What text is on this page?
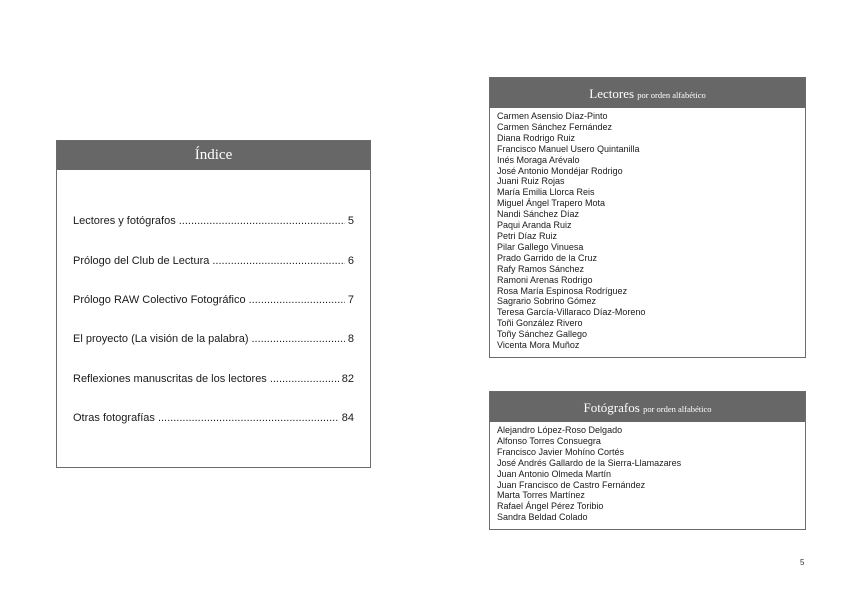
Índice
Lectores y fotógrafos .....	5
Prólogo del Club de Lectura .....	6
Prólogo RAW Colectivo Fotográfico .....	7
El proyecto (La visión de la palabra) .....	8
Reflexiones manuscritas de los lectores .....	82
Otras fotografías .....	84
Lectores por orden alfabético
Carmen Asensio Díaz-Pinto
Carmen Sánchez Fernández
Diana Rodrigo Ruiz
Francisco Manuel Usero Quintanilla
Inés Moraga Arévalo
José Antonio Mondéjar Rodrigo
Juani Ruiz Rojas
María Emilia Llorca Reis
Miguel Ángel Trapero Mota
Nandi Sánchez Díaz
Paqui Aranda Ruiz
Petri Díaz Ruiz
Pilar Gallego Vinuesa
Prado Garrido de la Cruz
Rafy Ramos Sánchez
Ramoni Arenas Rodrigo
Rosa María Espinosa Rodríguez
Sagrario Sobrino Gómez
Teresa García-Villaraco Díaz-Moreno
Toñi González Rivero
Toñy Sánchez Gallego
Vicenta Mora Muñoz
Fotógrafos por orden alfabético
Alejandro López-Roso Delgado
Alfonso Torres Consuegra
Francisco Javier Mohíno Cortés
José Andrés Gallardo de la Sierra-Llamazares
Juan Antonio Olmeda Martín
Juan Francisco de Castro Fernández
Marta Torres Martínez
Rafael Ángel Pérez Toribio
Sandra Beldad Colado
5
